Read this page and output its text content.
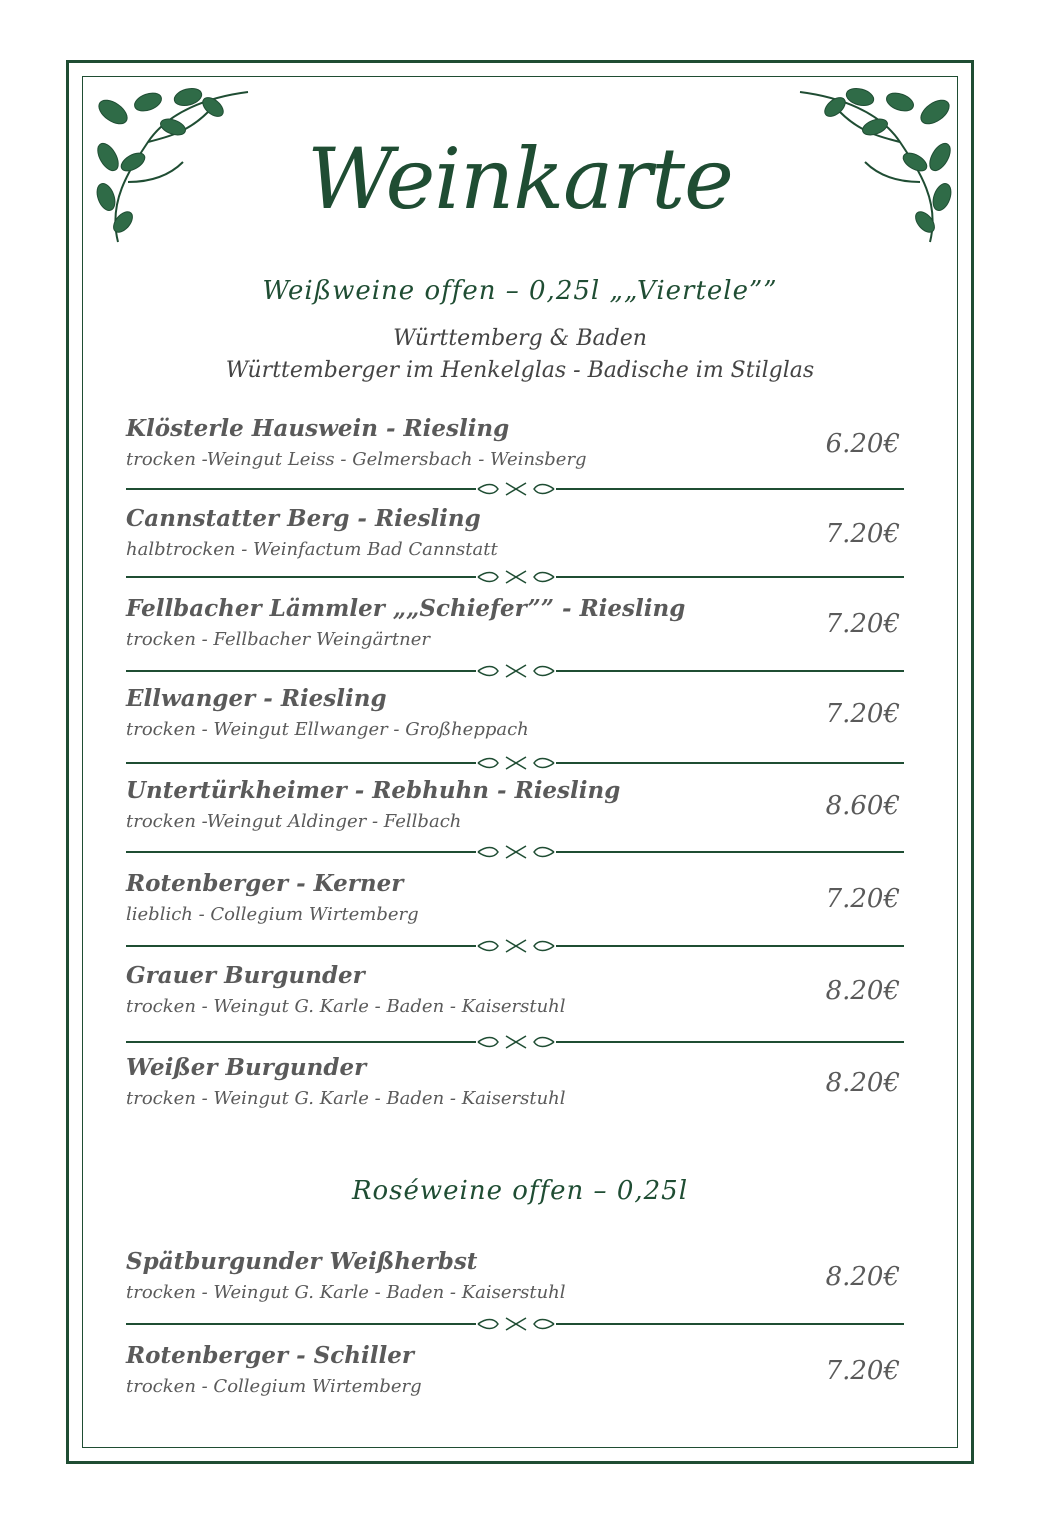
Weinkarte
Weißweine offen – 0,25l „„Viertele””
Württemberg & Baden
Württemberger im Henkelglas - Badische im Stilglas
Klösterle Hauswein - Riesling
trocken -Weingut Leiss - Gelmersbach - Weinsberg
6.20€
Cannstatter Berg - Riesling
halbtrocken - Weinfactum Bad Cannstatt
7.20€
Fellbacher Lämmler „„Schiefer”” - Riesling
trocken - Fellbacher Weingärtner
7.20€
Ellwanger - Riesling
trocken - Weingut Ellwanger - Großheppach
7.20€
Untertürkheimer - Rebhuhn - Riesling
trocken -Weingut Aldinger - Fellbach
8.60€
Rotenberger - Kerner
lieblich - Collegium Wirtemberg
7.20€
Grauer Burgunder
trocken - Weingut G. Karle - Baden - Kaiserstuhl
8.20€
Weißer Burgunder
trocken - Weingut G. Karle - Baden - Kaiserstuhl
8.20€
Roséweine offen – 0,25l
Spätburgunder Weißherbst
trocken - Weingut G. Karle - Baden - Kaiserstuhl
8.20€
Rotenberger - Schiller
trocken - Collegium Wirtemberg
7.20€
